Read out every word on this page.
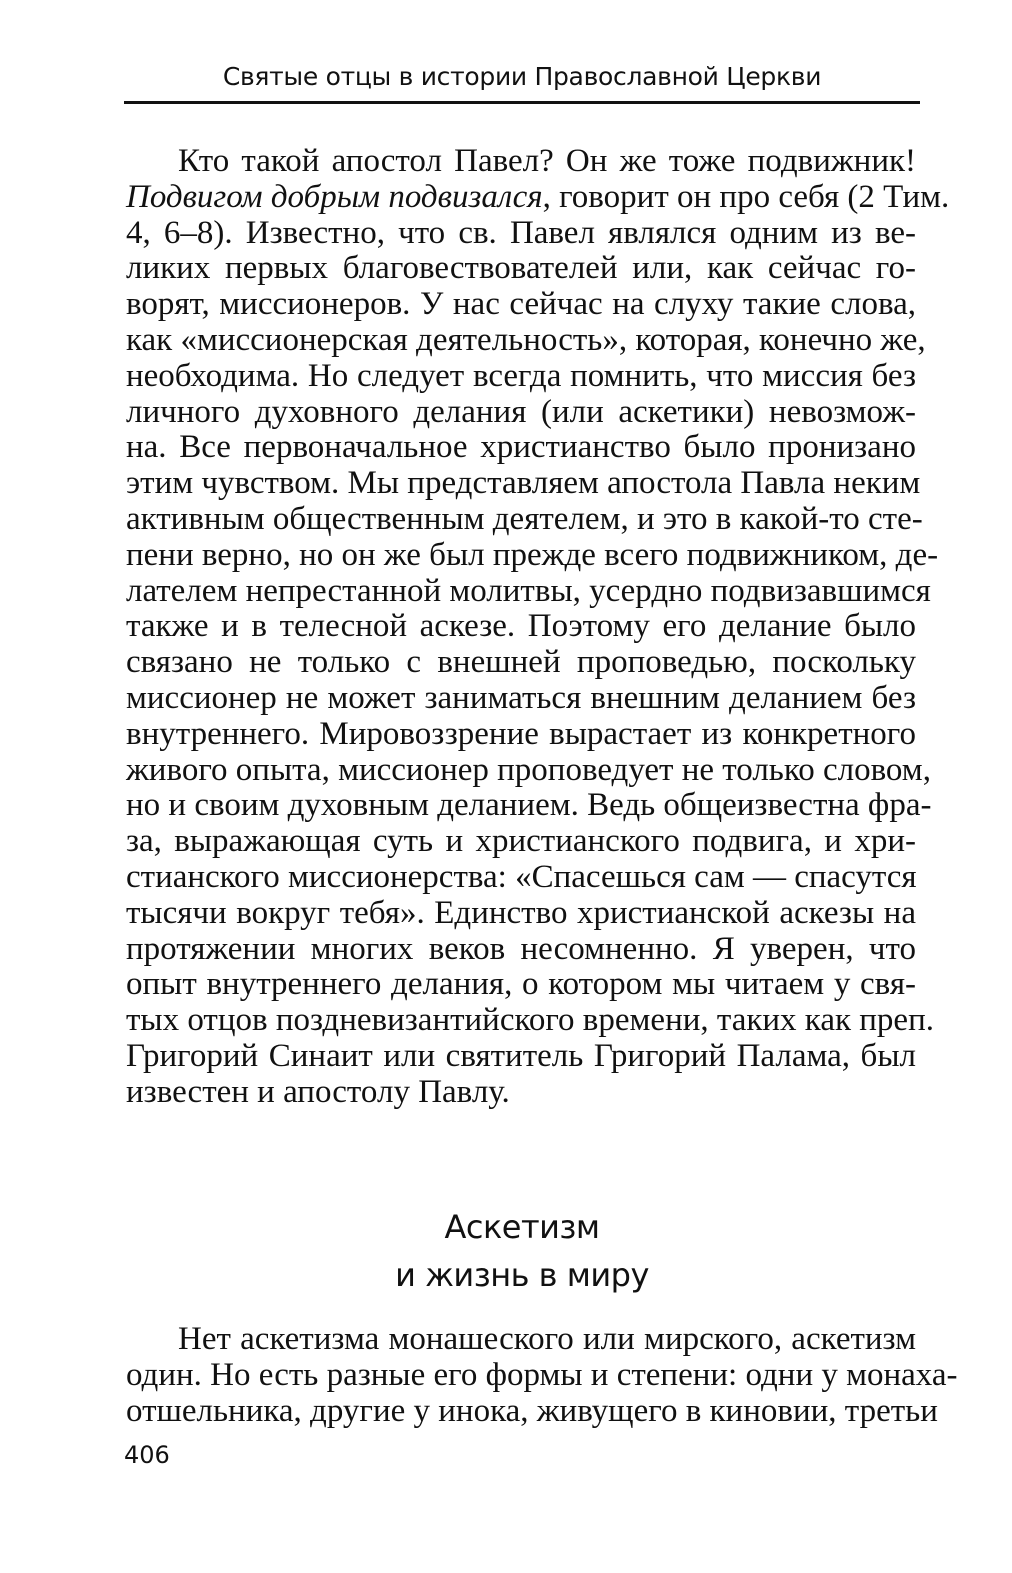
Святые отцы в истории Православной Церкви
Кто такой апостол Павел? Он же тоже подвижник!
Подвигом добрым подвизался, говорит он про себя (2 Тим.
4, 6–8). Известно, что св. Павел являлся одним из ве-
ликих первых благовествователей или, как сейчас го-
ворят, миссионеров. У нас сейчас на слуху такие слова,
как «миссионерская деятельность», которая, конечно же,
необходима. Но следует всегда помнить, что миссия без
личного духовного делания (или аскетики) невозмож-
на. Все первоначальное христианство было пронизано
этим чувством. Мы представляем апостола Павла неким
активным общественным деятелем, и это в какой-то сте-
пени верно, но он же был прежде всего подвижником, де-
лателем непрестанной молитвы, усердно подвизавшимся
также и в телесной аскезе. Поэтому его делание было
связано не только с внешней проповедью, поскольку
миссионер не может заниматься внешним деланием без
внутреннего. Мировоззрение вырастает из конкретного
живого опыта, миссионер проповедует не только словом,
но и своим духовным деланием. Ведь общеизвестна фра-
за, выражающая суть и христианского подвига, и хри-
стианского миссионерства: «Спасешься сам — спасутся
тысячи вокруг тебя». Единство христианской аскезы на
протяжении многих веков несомненно. Я уверен, что
опыт внутреннего делания, о котором мы читаем у свя-
тых отцов поздневизантийского времени, таких как преп.
Григорий Синаит или святитель Григорий Палама, был
известен и апостолу Павлу.
Аскетизм
и жизнь в миру
Нет аскетизма монашеского или мирского, аскетизм
один. Но есть разные его формы и степени: одни у монаха-
отшельника, другие у инока, живущего в киновии, третьи
406
